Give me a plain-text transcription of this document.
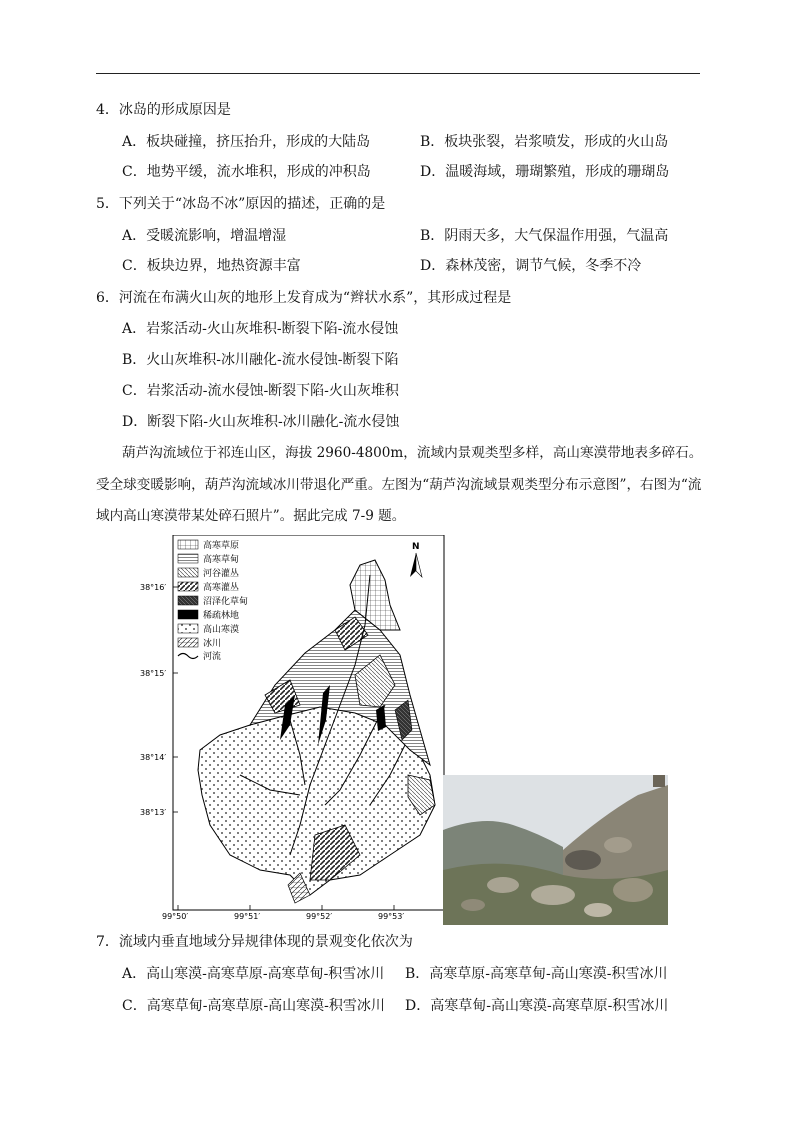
4．冰岛的形成原因是
A．板块碰撞，挤压抬升，形成的大陆岛	B．板块张裂，岩浆喷发，形成的火山岛
C．地势平缓，流水堆积，形成的冲积岛	D．温暖海域，珊瑚繁殖，形成的珊瑚岛
5．下列关于“冰岛不冰”原因的描述，正确的是
A．受暖流影响，增温增湿	B．阴雨天多，大气保温作用强，气温高
C．板块边界，地热资源丰富	D．森林茂密，调节气候，冬季不冷
6．河流在布满火山灰的地形上发育成为“辫状水系”，其形成过程是
A．岩浆活动-火山灰堆积-断裂下陷-流水侵蚀
B．火山灰堆积-冰川融化-流水侵蚀-断裂下陷
C．岩浆活动-流水侵蚀-断裂下陷-火山灰堆积
D．断裂下陷-火山灰堆积-冰川融化-流水侵蚀
葫芦沟流域位于祁连山区，海拔 2960-4800m，流域内景观类型多样，高山寒漠带地表多碎石。
受全球变暖影响，葫芦沟流域冰川带退化严重。左图为“葫芦沟流域景观类型分布示意图”，右图为“流
域内高山寒漠带某处碎石照片”。据此完成 7-9 题。
38°16′
38°15′
38°14′
38°13′
99°50′	99°51′	99°52′	99°53′
高寒草原
高寒草甸
河谷灌丛
高寒灌丛
沼泽化草甸
稀疏林地
高山寒漠
冰川
河流
N
7．流域内垂直地域分异规律体现的景观变化依次为
A．高山寒漠-高寒草原-高寒草甸-积雪冰川 B．高寒草原-高寒草甸-高山寒漠-积雪冰川
C．高寒草甸-高寒草原-高山寒漠-积雪冰川 D．高寒草甸-高山寒漠-高寒草原-积雪冰川
